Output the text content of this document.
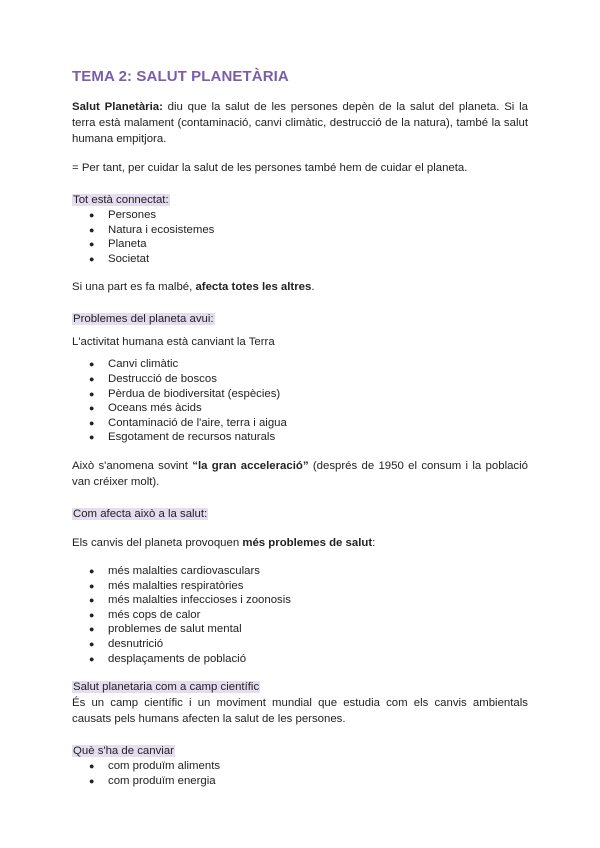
TEMA 2: SALUT PLANETÀRIA

Salut Planetària: diu que la salut de les persones depèn de la salut del planeta. Si la terra està malament (contaminació, canvi climàtic, destrucció de la natura), també la salut humana empitjora.

= Per tant, per cuidar la salut de les persones també hem de cuidar el planeta.

Tot està connectat:

● Persones
● Natura i ecosistemes
● Planeta
● Societat

Si una part es fa malbé, afecta totes les altres.

Problemes del planeta avui:

L'activitat humana està canviant la Terra

● Canvi climàtic
● Destrucció de boscos
● Pèrdua de biodiversitat (espècies)
● Oceans més àcids
● Contaminació de l'aire, terra i aigua
● Esgotament de recursos naturals

Això s'anomena sovint “la gran acceleració” (després de 1950 el consum i la població van créixer molt).

Com afecta això a la salut:

Els canvis del planeta provoquen més problemes de salut:

● més malalties cardiovasculars
● més malalties respiratòries
● més malalties infeccioses i zoonosis
● més cops de calor
● problemes de salut mental
● desnutrició
● desplaçaments de població

Salut planetaria com a camp científic

És un camp científic i un moviment mundial que estudia com els canvis ambientals causats pels humans afecten la salut de les persones.

Què s'ha de canviar

● com produïm aliments
● com produïm energia
